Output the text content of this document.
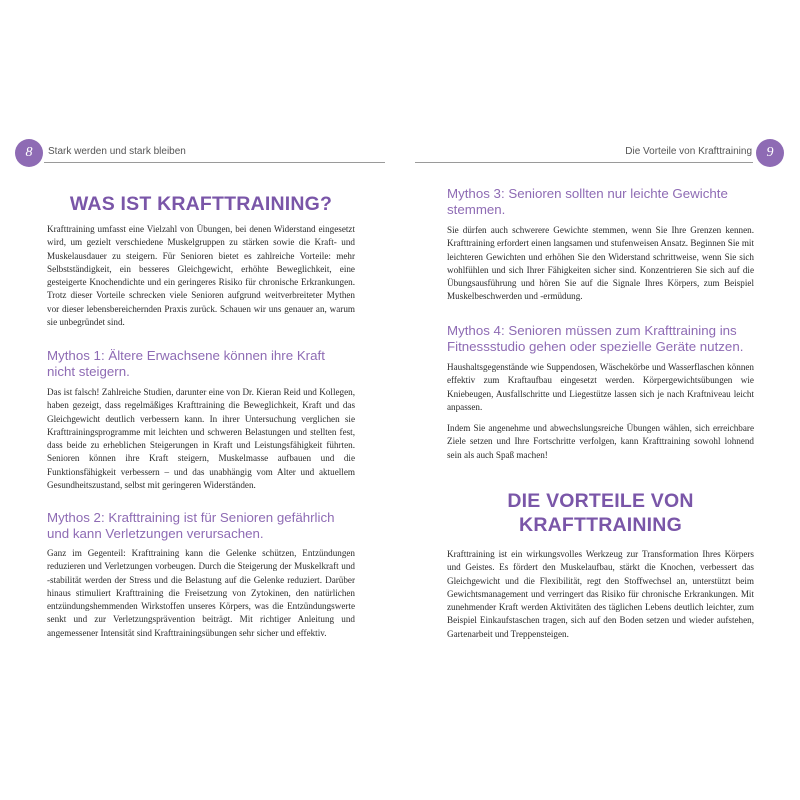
8	Stark werden und stark bleiben	Die Vorteile von Krafttraining	9
WAS IST KRAFTTRAINING?

Krafttraining umfasst eine Vielzahl von Übungen, bei denen Widerstand eingesetzt wird, um gezielt verschiedene Muskelgruppen zu stärken sowie die Kraft- und Muskelausdauer zu steigern. Für Senioren bietet es zahlreiche Vorteile: mehr Selbstständigkeit, ein besseres Gleichgewicht, erhöhte Beweglichkeit, eine gesteigerte Knochendichte und ein geringeres Risiko für chronische Erkrankungen. Trotz dieser Vorteile schrecken viele Senioren aufgrund weitverbreiteter Mythen vor dieser lebensbereichernden Praxis zurück. Schauen wir uns genauer an, warum sie unbegründet sind.

Mythos 1: Ältere Erwachsene können ihre Kraft nicht steigern.

Das ist falsch! Zahlreiche Studien, darunter eine von Dr. Kieran Reid und Kollegen, haben gezeigt, dass regelmäßiges Krafttraining die Beweglichkeit, Kraft und das Gleichgewicht deutlich verbessern kann. In ihrer Untersuchung verglichen sie Krafttrainingsprogramme mit leichten und schweren Belastungen und stellten fest, dass beide zu erheblichen Steigerungen in Kraft und Leistungsfähigkeit führten. Senioren können ihre Kraft steigern, Muskelmasse aufbauen und die Funktionsfähigkeit verbessern – und das unabhängig vom Alter und aktuellem Gesundheitszustand, selbst mit geringeren Widerständen.

Mythos 2: Krafttraining ist für Senioren gefährlich und kann Verletzungen verursachen.

Ganz im Gegenteil: Krafttraining kann die Gelenke schützen, Entzündungen reduzieren und Verletzungen vorbeugen. Durch die Steigerung der Muskelkraft und -stabilität werden der Stress und die Belastung auf die Gelenke reduziert. Darüber hinaus stimuliert Krafttraining die Freisetzung von Zytokinen, den natürlichen entzündungshemmenden Wirkstoffen unseres Körpers, was die Entzündungswerte senkt und zur Verletzungsprävention beiträgt. Mit richtiger Anleitung und angemessener Intensität sind Krafttrainingsübungen sehr sicher und effektiv.

Mythos 3: Senioren sollten nur leichte Gewichte stemmen.

Sie dürfen auch schwerere Gewichte stemmen, wenn Sie Ihre Grenzen kennen. Krafttraining erfordert einen langsamen und stufenweisen Ansatz. Beginnen Sie mit leichteren Gewichten und erhöhen Sie den Widerstand schrittweise, wenn Sie sich wohlfühlen und sich Ihrer Fähigkeiten sicher sind. Konzentrieren Sie sich auf die Übungsausführung und hören Sie auf die Signale Ihres Körpers, zum Beispiel Muskelbeschwerden und -ermüdung.

Mythos 4: Senioren müssen zum Krafttraining ins Fitnessstudio gehen oder spezielle Geräte nutzen.

Haushaltsgegenstände wie Suppendosen, Wäschekörbe und Wasserflaschen können effektiv zum Kraftaufbau eingesetzt werden. Körpergewichtsübungen wie Kniebeugen, Ausfallschritte und Liegestütze lassen sich je nach Kraftniveau leicht anpassen.

Indem Sie angenehme und abwechslungsreiche Übungen wählen, sich erreichbare Ziele setzen und Ihre Fortschritte verfolgen, kann Krafttraining sowohl lohnend sein als auch Spaß machen!

DIE VORTEILE VON
KRAFTTRAINING

Krafttraining ist ein wirkungsvolles Werkzeug zur Transformation Ihres Körpers und Geistes. Es fördert den Muskelaufbau, stärkt die Knochen, verbessert das Gleichgewicht und die Flexibilität, regt den Stoffwechsel an, unterstützt beim Gewichtsmanagement und verringert das Risiko für chronische Erkrankungen. Mit zunehmender Kraft werden Aktivitäten des täglichen Lebens deutlich leichter, zum Beispiel Einkaufstaschen tragen, sich auf den Boden setzen und wieder aufstehen, Gartenarbeit und Treppensteigen.
